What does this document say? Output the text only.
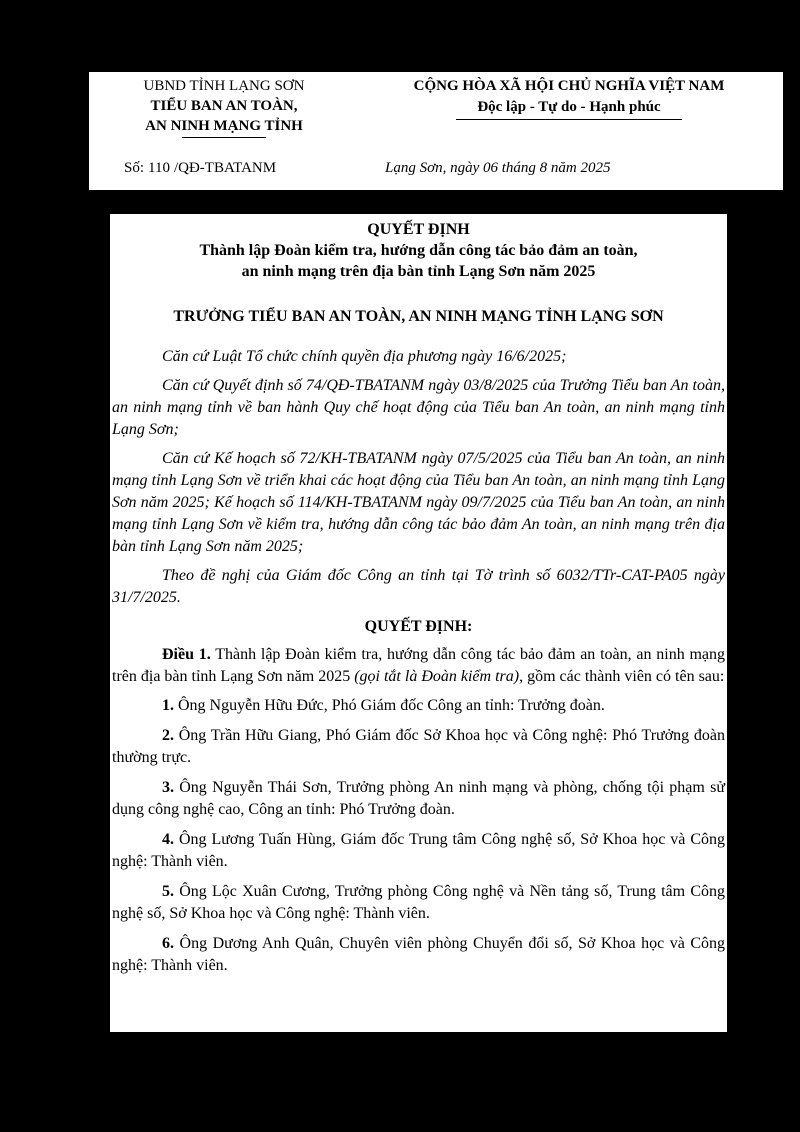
UBND TỈNH LẠNG SƠN
TIỂU BAN AN TOÀN,
AN NINH MẠNG TỈNH
CỘNG HÒA XÃ HỘI CHỦ NGHĨA VIỆT NAM
Độc lập - Tự do - Hạnh phúc
Số: 110 /QĐ-TBATANM	Lạng Sơn, ngày 06 tháng 8 năm 2025
QUYẾT ĐỊNH
Thành lập Đoàn kiểm tra, hướng dẫn công tác bảo đảm an toàn,
an ninh mạng trên địa bàn tỉnh Lạng Sơn năm 2025
TRƯỞNG TIỂU BAN AN TOÀN, AN NINH MẠNG TỈNH LẠNG SƠN

Căn cứ Luật Tổ chức chính quyền địa phương ngày 16/6/2025;

Căn cứ Quyết định số 74/QĐ-TBATANM ngày 03/8/2025 của Trưởng Tiểu ban An toàn, an ninh mạng tỉnh về ban hành Quy chế hoạt động của Tiểu ban An toàn, an ninh mạng tỉnh Lạng Sơn;

Căn cứ Kế hoạch số 72/KH-TBATANM ngày 07/5/2025 của Tiểu ban An toàn, an ninh mạng tỉnh Lạng Sơn về triển khai các hoạt động của Tiểu ban An toàn, an ninh mạng tỉnh Lạng Sơn năm 2025; Kế hoạch số 114/KH-TBATANM ngày 09/7/2025 của Tiểu ban An toàn, an ninh mạng tỉnh Lạng Sơn về kiểm tra, hướng dẫn công tác bảo đảm An toàn, an ninh mạng trên địa bàn tỉnh Lạng Sơn năm 2025;

Theo đề nghị của Giám đốc Công an tỉnh tại Tờ trình số 6032/TTr-CAT-PA05 ngày 31/7/2025.

QUYẾT ĐỊNH:

Điều 1. Thành lập Đoàn kiểm tra, hướng dẫn công tác bảo đảm an toàn, an ninh mạng trên địa bàn tỉnh Lạng Sơn năm 2025 (gọi tắt là Đoàn kiểm tra), gồm các thành viên có tên sau:

1. Ông Nguyễn Hữu Đức, Phó Giám đốc Công an tỉnh: Trưởng đoàn.

2. Ông Trần Hữu Giang, Phó Giám đốc Sở Khoa học và Công nghệ: Phó Trưởng đoàn thường trực.

3. Ông Nguyễn Thái Sơn, Trưởng phòng An ninh mạng và phòng, chống tội phạm sử dụng công nghệ cao, Công an tỉnh: Phó Trưởng đoàn.

4. Ông Lương Tuấn Hùng, Giám đốc Trung tâm Công nghệ số, Sở Khoa học và Công nghệ: Thành viên.

5. Ông Lộc Xuân Cương, Trưởng phòng Công nghệ và Nền tảng số, Trung tâm Công nghệ số, Sở Khoa học và Công nghệ: Thành viên.

6. Ông Dương Anh Quân, Chuyên viên phòng Chuyển đổi số, Sở Khoa học và Công nghệ: Thành viên.
